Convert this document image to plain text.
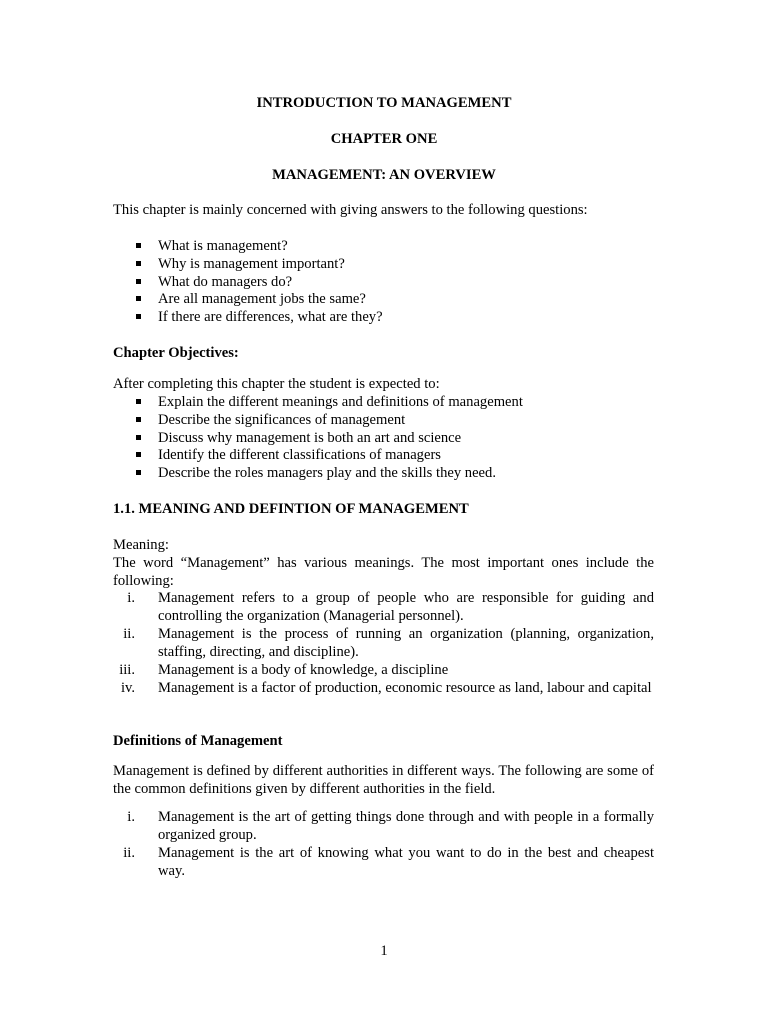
INTRODUCTION TO MANAGEMENT
CHAPTER ONE
MANAGEMENT: AN OVERVIEW

This chapter is mainly concerned with giving answers to the following questions:

What is management?
Why is management important?
What do managers do?
Are all management jobs the same?
If there are differences, what are they?

Chapter Objectives:

After completing this chapter the student is expected to:

Explain the different meanings and definitions of management
Describe the significances of management
Discuss why management is both an art and science
Identify the different classifications of managers
Describe the roles managers play and the skills they need.

1.1. MEANING AND DEFINTION OF MANAGEMENT

Meaning:

The word “Management” has various meanings. The most important ones include the following:

i. Management refers to a group of people who are responsible for guiding and controlling the organization (Managerial personnel).
ii. Management is the process of running an organization (planning, organization, staffing, directing, and discipline).
iii. Management is a body of knowledge, a discipline
iv. Management is a factor of production, economic resource as land, labour and capital

Definitions of Management

Management is defined by different authorities in different ways. The following are some of the common definitions given by different authorities in the field.

i. Management is the art of getting things done through and with people in a formally organized group.
ii. Management is the art of knowing what you want to do in the best and cheapest way.
1
